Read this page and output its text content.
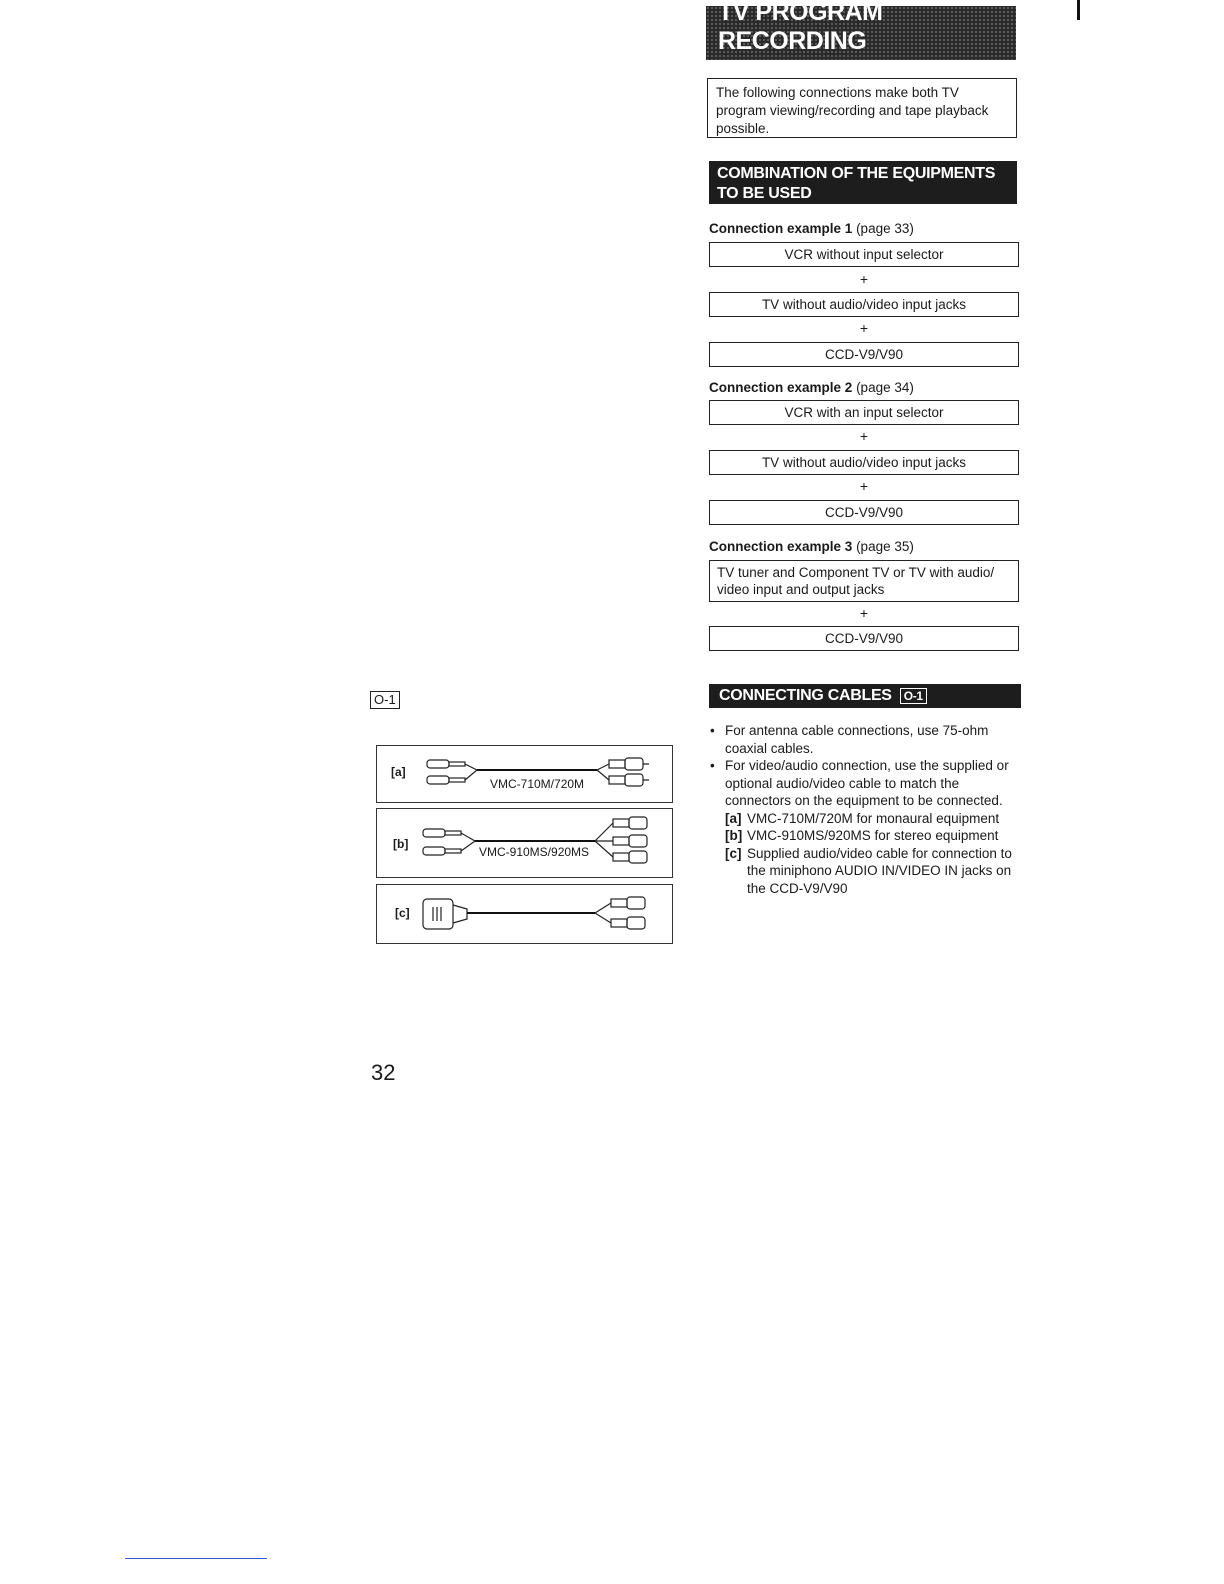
TV PROGRAM RECORDING
The following connections make both TV program viewing/recording and tape playback possible.
COMBINATION OF THE EQUIPMENTS TO BE USED
Connection example 1 (page 33)
VCR without input selector
+
TV without audio/video input jacks
+
CCD-V9/V90
Connection example 2 (page 34)
VCR with an input selector
+
TV without audio/video input jacks
+
CCD-V9/V90
Connection example 3 (page 35)
TV tuner and Component TV or TV with audio/ video input and output jacks
+
CCD-V9/V90
CONNECTING CABLES	O-1
• For antenna cable connections, use 75-ohm coaxial cables.
• For video/audio connection, use the supplied or optional audio/video cable to match the connectors on the equipment to be connected.
[a] VMC-710M/720M for monaural equipment
[b] VMC-910MS/920MS for stereo equipment
[c] Supplied audio/video cable for connection to the miniphono AUDIO IN/VIDEO IN jacks on the CCD-V9/V90
O-1
[a]
VMC-710M/720M
[b]
VMC-910MS/920MS
[c]
32
